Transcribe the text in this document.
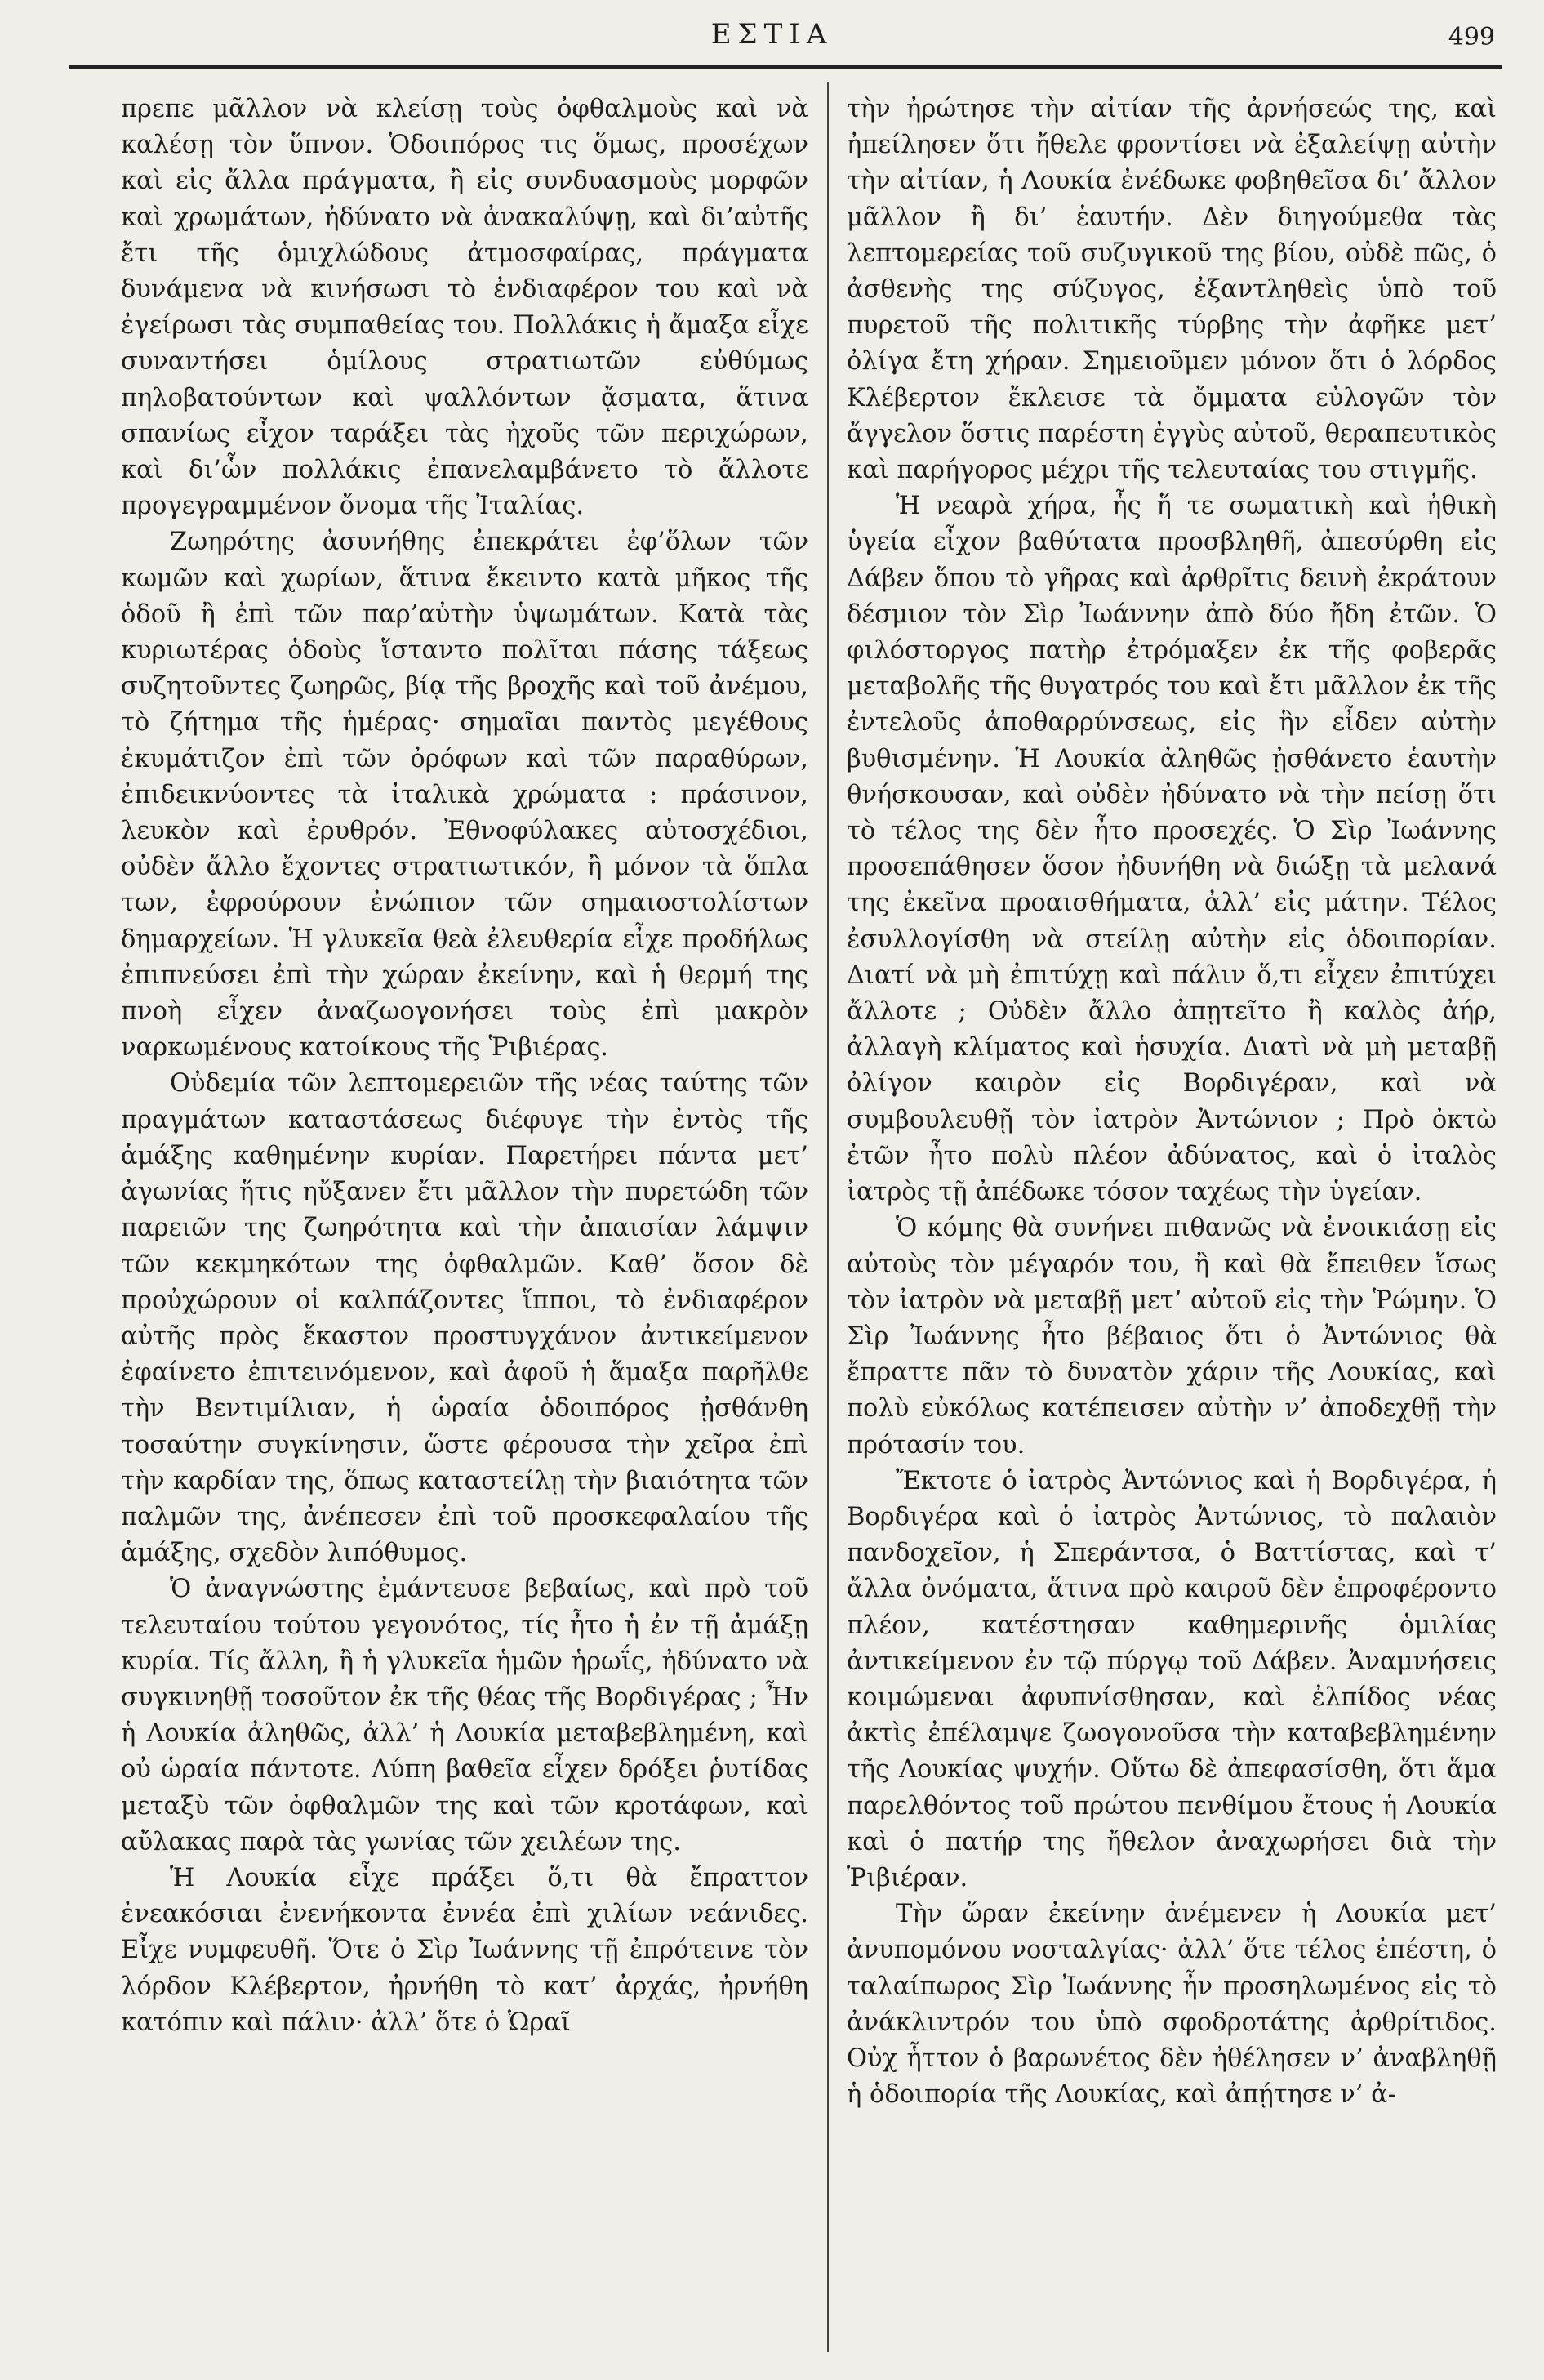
ΕΣΤΙΑ	499

πρεπε μᾶλλον νὰ κλείσῃ τοὺς ὀφθαλμοὺς καὶ νὰ καλέσῃ τὸν ὕπνον. Ὁδοιπόρος τις ὅμως, προσέχων καὶ εἰς ἄλλα πράγματα, ἢ εἰς συνδυασμοὺς μορφῶν καὶ χρωμάτων, ἠδύνατο νὰ ἀνακαλύψῃ, καὶ δι’αὐτῆς ἔτι τῆς ὁμιχλώδους ἀτμοσφαίρας, πράγματα δυνάμενα νὰ κινήσωσι τὸ ἐνδιαφέρον του καὶ νὰ ἐγείρωσι τὰς συμπαθείας του. Πολλάκις ἡ ἄμαξα εἶχε συναντήσει ὁμίλους στρατιωτῶν εὐθύμως πηλοβατούντων καὶ ψαλλόντων ᾄσματα, ἅτινα σπανίως εἶχον ταράξει τὰς ἠχοῦς τῶν περιχώρων, καὶ δι’ὧν πολλάκις ἐπανελαμβάνετο τὸ ἄλλοτε προγεγραμμένον ὄνομα τῆς Ἰταλίας.

Ζωηρότης ἀσυνήθης ἐπεκράτει ἐφ’ὅλων τῶν κωμῶν καὶ χωρίων, ἅτινα ἔκειντο κατὰ μῆκος τῆς ὁδοῦ ἢ ἐπὶ τῶν παρ’αὐτὴν ὑψωμάτων. Κατὰ τὰς κυριωτέρας ὁδοὺς ἵσταντο πολῖται πάσης τάξεως συζητοῦντες ζωηρῶς, βίᾳ τῆς βροχῆς καὶ τοῦ ἀνέμου, τὸ ζήτημα τῆς ἡμέρας· σημαῖαι παντὸς μεγέθους ἐκυμάτιζον ἐπὶ τῶν ὀρόφων καὶ τῶν παραθύρων, ἐπιδεικνύοντες τὰ ἰταλικὰ χρώματα : πράσινον, λευκὸν καὶ ἐρυθρόν. Ἐθνοφύλακες αὐτοσχέδιοι, οὐδὲν ἄλλο ἔχοντες στρατιωτικόν, ἢ μόνον τὰ ὅπλα των, ἐφρούρουν ἐνώπιον τῶν σημαιοστολίστων δημαρχείων. Ἡ γλυκεῖα θεὰ ἐλευθερία εἶχε προδήλως ἐπιπνεύσει ἐπὶ τὴν χώραν ἐκείνην, καὶ ἡ θερμή της πνοὴ εἶχεν ἀναζωογονήσει τοὺς ἐπὶ μακρὸν ναρκωμένους κατοίκους τῆς Ῥιβιέρας.

Οὐδεμία τῶν λεπτομερειῶν τῆς νέας ταύτης τῶν πραγμάτων καταστάσεως διέφυγε τὴν ἐντὸς τῆς ἁμάξης καθημένην κυρίαν. Παρετήρει πάντα μετ’ ἀγωνίας ἥτις ηὔξανεν ἔτι μᾶλλον τὴν πυρετώδη τῶν παρειῶν της ζωηρότητα καὶ τὴν ἀπαισίαν λάμψιν τῶν κεκμηκότων της ὀφθαλμῶν. Καθ’ ὅσον δὲ προὐχώρουν οἱ καλπάζοντες ἵπποι, τὸ ἐνδιαφέρον αὐτῆς πρὸς ἕκαστον προστυγχάνον ἀντικείμενον ἐφαίνετο ἐπιτεινόμενον, καὶ ἀφοῦ ἡ ἅμαξα παρῆλθε τὴν Βεντιμίλιαν, ἡ ὡραία ὁδοιπόρος ᾐσθάνθη τοσαύτην συγκίνησιν, ὥστε φέρουσα τὴν χεῖρα ἐπὶ τὴν καρδίαν της, ὅπως καταστείλῃ τὴν βιαιότητα τῶν παλμῶν της, ἀνέπεσεν ἐπὶ τοῦ προσκεφαλαίου τῆς ἁμάξης, σχεδὸν λιπόθυμος.

Ὁ ἀναγνώστης ἐμάντευσε βεβαίως, καὶ πρὸ τοῦ τελευταίου τούτου γεγονότος, τίς ἦτο ἡ ἐν τῇ ἁμάξῃ κυρία. Τίς ἄλλη, ἢ ἡ γλυκεῖα ἡμῶν ἡρωΐς, ἠδύνατο νὰ συγκινηθῇ τοσοῦτον ἐκ τῆς θέας τῆς Βορδιγέρας ; Ἦν ἡ Λουκία ἀληθῶς, ἀλλ’ ἡ Λουκία μεταβεβλημένη, καὶ οὐ ὡραία πάντοτε. Λύπη βαθεῖα εἶχεν δρόξει ῥυτίδας μεταξὺ τῶν ὀφθαλμῶν της καὶ τῶν κροτάφων, καὶ αὔλακας παρὰ τὰς γωνίας τῶν χειλέων της.

Ἡ Λουκία εἶχε πράξει ὅ,τι θὰ ἔπραττον ἐνεακόσιαι ἐνενήκοντα ἐννέα ἐπὶ χιλίων νεάνιδες. Εἶχε νυμφευθῆ. Ὅτε ὁ Σὶρ Ἰωάννης τῇ ἐπρότεινε τὸν λόρδον Κλέβερτον, ἠρνήθη τὸ κατ’ ἀρχάς, ἠρνήθη κατόπιν καὶ πάλιν· ἀλλ’ ὅτε ὁ Ὡραῖ

τὴν ἠρώτησε τὴν αἰτίαν τῆς ἀρνήσεώς της, καὶ ἠπείλησεν ὅτι ἤθελε φροντίσει νὰ ἐξαλείψῃ αὐτὴν τὴν αἰτίαν, ἡ Λουκία ἐνέδωκε φοβηθεῖσα δι’ ἄλλον μᾶλλον ἢ δι’ ἑαυτήν. Δὲν διηγούμεθα τὰς λεπτομερείας τοῦ συζυγικοῦ της βίου, οὐδὲ πῶς, ὁ ἀσθενὴς της σύζυγος, ἐξαντληθεὶς ὑπὸ τοῦ πυρετοῦ τῆς πολιτικῆς τύρβης τὴν ἀφῆκε μετ’ ὀλίγα ἔτη χήραν. Σημειοῦμεν μόνον ὅτι ὁ λόρδος Κλέβερτον ἔκλεισε τὰ ὄμματα εὐλογῶν τὸν ἄγγελον ὅστις παρέστη ἐγγὺς αὐτοῦ, θεραπευτικὸς καὶ παρήγορος μέχρι τῆς τελευταίας του στιγμῆς.

Ἡ νεαρὰ χήρα, ἧς ἥ τε σωματικὴ καὶ ἠθικὴ ὑγεία εἶχον βαθύτατα προσβληθῆ, ἀπεσύρθη εἰς Δάβεν ὅπου τὸ γῆρας καὶ ἀρθρῖτις δεινὴ ἐκράτουν δέσμιον τὸν Σὶρ Ἰωάννην ἀπὸ δύο ἤδη ἐτῶν. Ὁ φιλόστοργος πατὴρ ἐτρόμαξεν ἐκ τῆς φοβερᾶς μεταβολῆς τῆς θυγατρός του καὶ ἔτι μᾶλλον ἐκ τῆς ἐντελοῦς ἀποθαρρύνσεως, εἰς ἣν εἶδεν αὐτὴν βυθισμένην. Ἡ Λουκία ἀληθῶς ᾐσθάνετο ἑαυτὴν θνήσκουσαν, καὶ οὐδὲν ἠδύνατο νὰ τὴν πείσῃ ὅτι τὸ τέλος της δὲν ἦτο προσεχές. Ὁ Σὶρ Ἰωάννης προσεπάθησεν ὅσον ἠδυνήθη νὰ διώξῃ τὰ μελανά της ἐκεῖνα προαισθήματα, ἀλλ’ εἰς μάτην. Τέλος ἐσυλλογίσθη νὰ στείλῃ αὐτὴν εἰς ὁδοιπορίαν. Διατί νὰ μὴ ἐπιτύχῃ καὶ πάλιν ὅ,τι εἶχεν ἐπιτύχει ἄλλοτε ; Οὐδὲν ἄλλο ἀπῃτεῖτο ἢ καλὸς ἀήρ, ἀλλαγὴ κλίματος καὶ ἡσυχία. Διατὶ νὰ μὴ μεταβῇ ὀλίγον καιρὸν εἰς Βορδιγέραν, καὶ νὰ συμβουλευθῇ τὸν ἰατρὸν Ἀντώνιον ; Πρὸ ὀκτὼ ἐτῶν ἦτο πολὺ πλέον ἀδύνατος, καὶ ὁ ἰταλὸς ἰατρὸς τῇ ἀπέδωκε τόσον ταχέως τὴν ὑγείαν.

Ὁ κόμης θὰ συνήνει πιθανῶς νὰ ἐνοικιάσῃ εἰς αὐτοὺς τὸν μέγαρόν του, ἢ καὶ θὰ ἔπειθεν ἴσως τὸν ἰατρὸν νὰ μεταβῇ μετ’ αὐτοῦ εἰς τὴν Ῥώμην. Ὁ Σὶρ Ἰωάννης ἦτο βέβαιος ὅτι ὁ Ἀντώνιος θὰ ἔπραττε πᾶν τὸ δυνατὸν χάριν τῆς Λουκίας, καὶ πολὺ εὐκόλως κατέπεισεν αὐτὴν ν’ ἀποδεχθῇ τὴν πρότασίν του.

Ἔκτοτε ὁ ἰατρὸς Ἀντώνιος καὶ ἡ Βορδιγέρα, ἡ Βορδιγέρα καὶ ὁ ἰατρὸς Ἀντώνιος, τὸ παλαιὸν πανδοχεῖον, ἡ Σπεράντσα, ὁ Βαττίστας, καὶ τ’ ἄλλα ὀνόματα, ἅτινα πρὸ καιροῦ δὲν ἐπροφέροντο πλέον, κατέστησαν καθημερινῆς ὁμιλίας ἀντικείμενον ἐν τῷ πύργῳ τοῦ Δάβεν. Ἀναμνήσεις κοιμώμεναι ἀφυπνίσθησαν, καὶ ἐλπίδος νέας ἀκτὶς ἐπέλαμψε ζωογονοῦσα τὴν καταβεβλημένην τῆς Λουκίας ψυχήν. Οὕτω δὲ ἀπεφασίσθη, ὅτι ἅμα παρελθόντος τοῦ πρώτου πενθίμου ἔτους ἡ Λουκία καὶ ὁ πατήρ της ἤθελον ἀναχωρήσει διὰ τὴν Ῥιβιέραν.

Τὴν ὥραν ἐκείνην ἀνέμενεν ἡ Λουκία μετ’ ἀνυπομόνου νοσταλγίας· ἀλλ’ ὅτε τέλος ἐπέστη, ὁ ταλαίπωρος Σὶρ Ἰωάννης ἦν προσηλωμένος εἰς τὸ ἀνάκλιντρόν του ὑπὸ σφοδροτάτης ἀρθρίτιδος. Οὐχ ἧττον ὁ βαρωνέτος δὲν ἠθέλησεν ν’ ἀναβληθῇ ἡ ὁδοιπορία τῆς Λουκίας, καὶ ἀπῄτησε ν’ ἀ-
